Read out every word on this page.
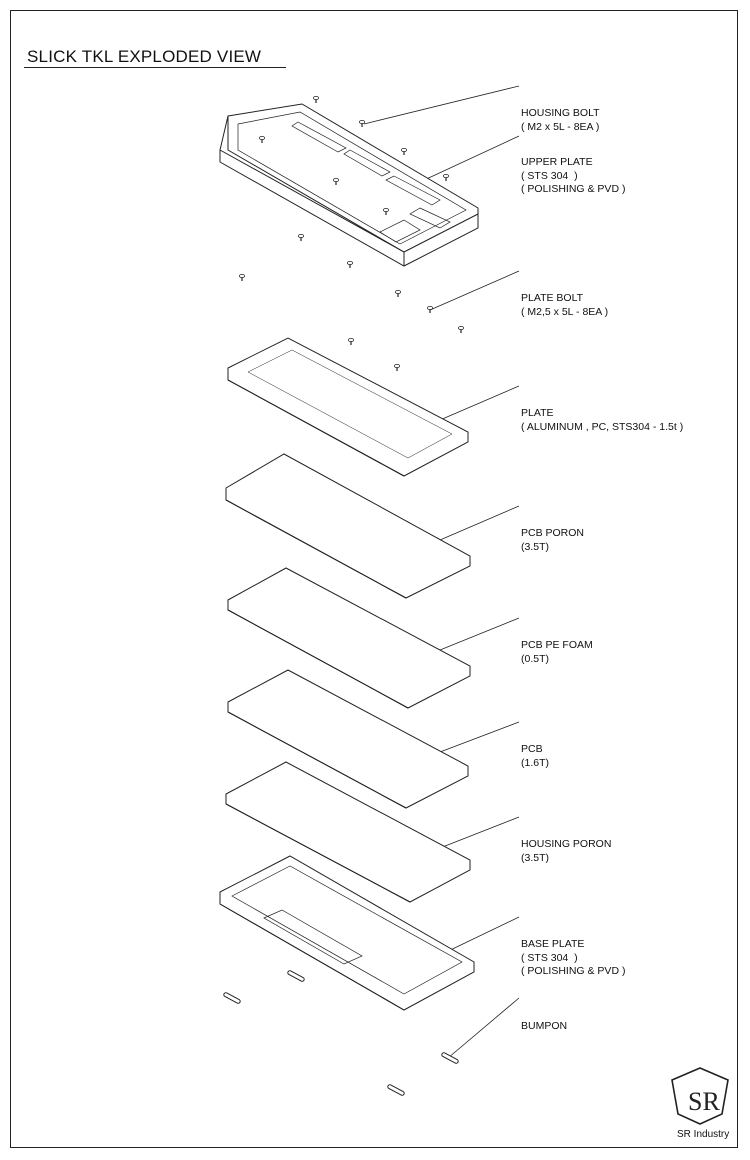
SLICK TKL EXPLODED VIEW

HOUSING BOLT
( M2 x 5L - 8EA )

UPPER PLATE
( STS 304  )
( POLISHING & PVD )

PLATE BOLT
( M2,5 x 5L - 8EA )

PLATE
( ALUMINUM , PC, STS304 - 1.5t )

PCB PORON
(3.5T)

PCB PE FOAM
(0.5T)

PCB
(1.6T)

HOUSING PORON
(3.5T)

BASE PLATE
( STS 304  )
( POLISHING & PVD )

BUMPON

SR
SR Industry
